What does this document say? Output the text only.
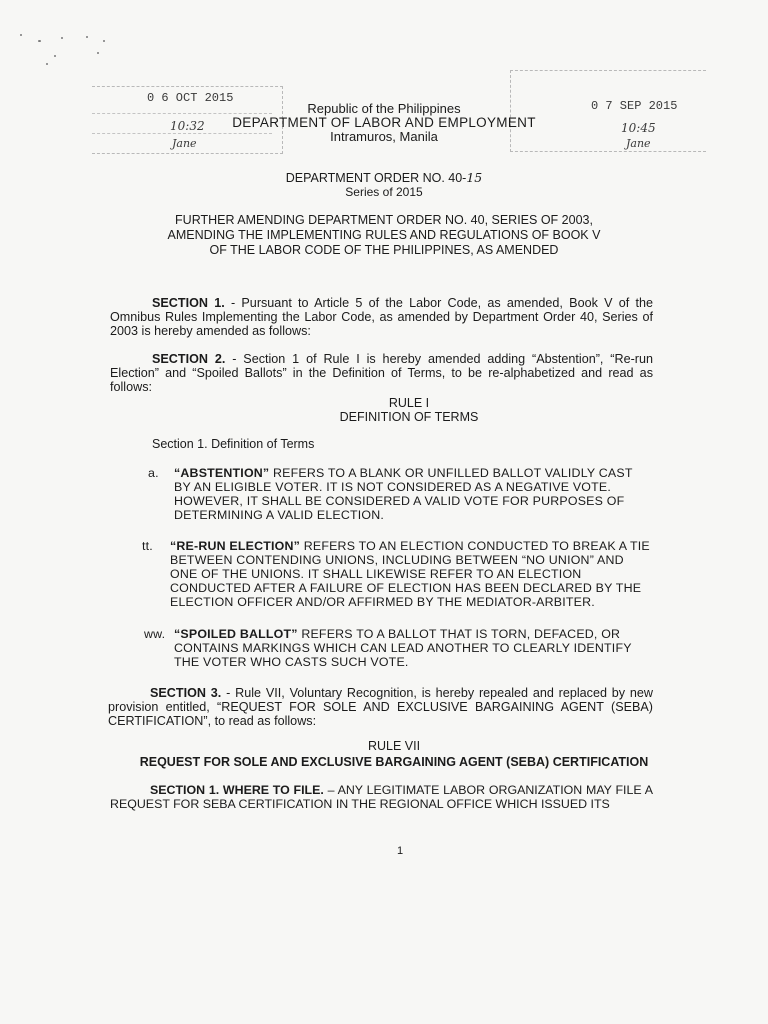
0 6 OCT 2015
10:32
Jane
0 7 SEP 2015
10:45
Jane
Republic of the Philippines
DEPARTMENT OF LABOR AND EMPLOYMENT
Intramuros, Manila
DEPARTMENT ORDER NO. 40-15
Series of 2015
FURTHER AMENDING DEPARTMENT ORDER NO. 40, SERIES OF 2003,
AMENDING THE IMPLEMENTING RULES AND REGULATIONS OF BOOK V
OF THE LABOR CODE OF THE PHILIPPINES, AS AMENDED
SECTION 1. - Pursuant to Article 5 of the Labor Code, as amended, Book V of the Omnibus Rules Implementing the Labor Code, as amended by Department Order 40, Series of 2003 is hereby amended as follows:
SECTION 2. - Section 1 of Rule I is hereby amended adding “Abstention”, “Re-run Election” and “Spoiled Ballots” in the Definition of Terms, to be re-alphabetized and read as follows:
RULE I
DEFINITION OF TERMS
Section 1. Definition of Terms
a. “ABSTENTION” REFERS TO A BLANK OR UNFILLED BALLOT VALIDLY CAST BY AN ELIGIBLE VOTER. IT IS NOT CONSIDERED AS A NEGATIVE VOTE. HOWEVER, IT SHALL BE CONSIDERED A VALID VOTE FOR PURPOSES OF DETERMINING A VALID ELECTION.
tt. “RE-RUN ELECTION” REFERS TO AN ELECTION CONDUCTED TO BREAK A TIE BETWEEN CONTENDING UNIONS, INCLUDING BETWEEN “NO UNION” AND ONE OF THE UNIONS. IT SHALL LIKEWISE REFER TO AN ELECTION CONDUCTED AFTER A FAILURE OF ELECTION HAS BEEN DECLARED BY THE ELECTION OFFICER AND/OR AFFIRMED BY THE MEDIATOR-ARBITER.
ww. “SPOILED BALLOT” REFERS TO A BALLOT THAT IS TORN, DEFACED, OR CONTAINS MARKINGS WHICH CAN LEAD ANOTHER TO CLEARLY IDENTIFY THE VOTER WHO CASTS SUCH VOTE.
SECTION 3. - Rule VII, Voluntary Recognition, is hereby repealed and replaced by new provision entitled, “REQUEST FOR SOLE AND EXCLUSIVE BARGAINING AGENT (SEBA) CERTIFICATION”, to read as follows:
RULE VII
REQUEST FOR SOLE AND EXCLUSIVE BARGAINING AGENT (SEBA) CERTIFICATION
SECTION 1. WHERE TO FILE. – ANY LEGITIMATE LABOR ORGANIZATION MAY FILE A REQUEST FOR SEBA CERTIFICATION IN THE REGIONAL OFFICE WHICH ISSUED ITS
1
